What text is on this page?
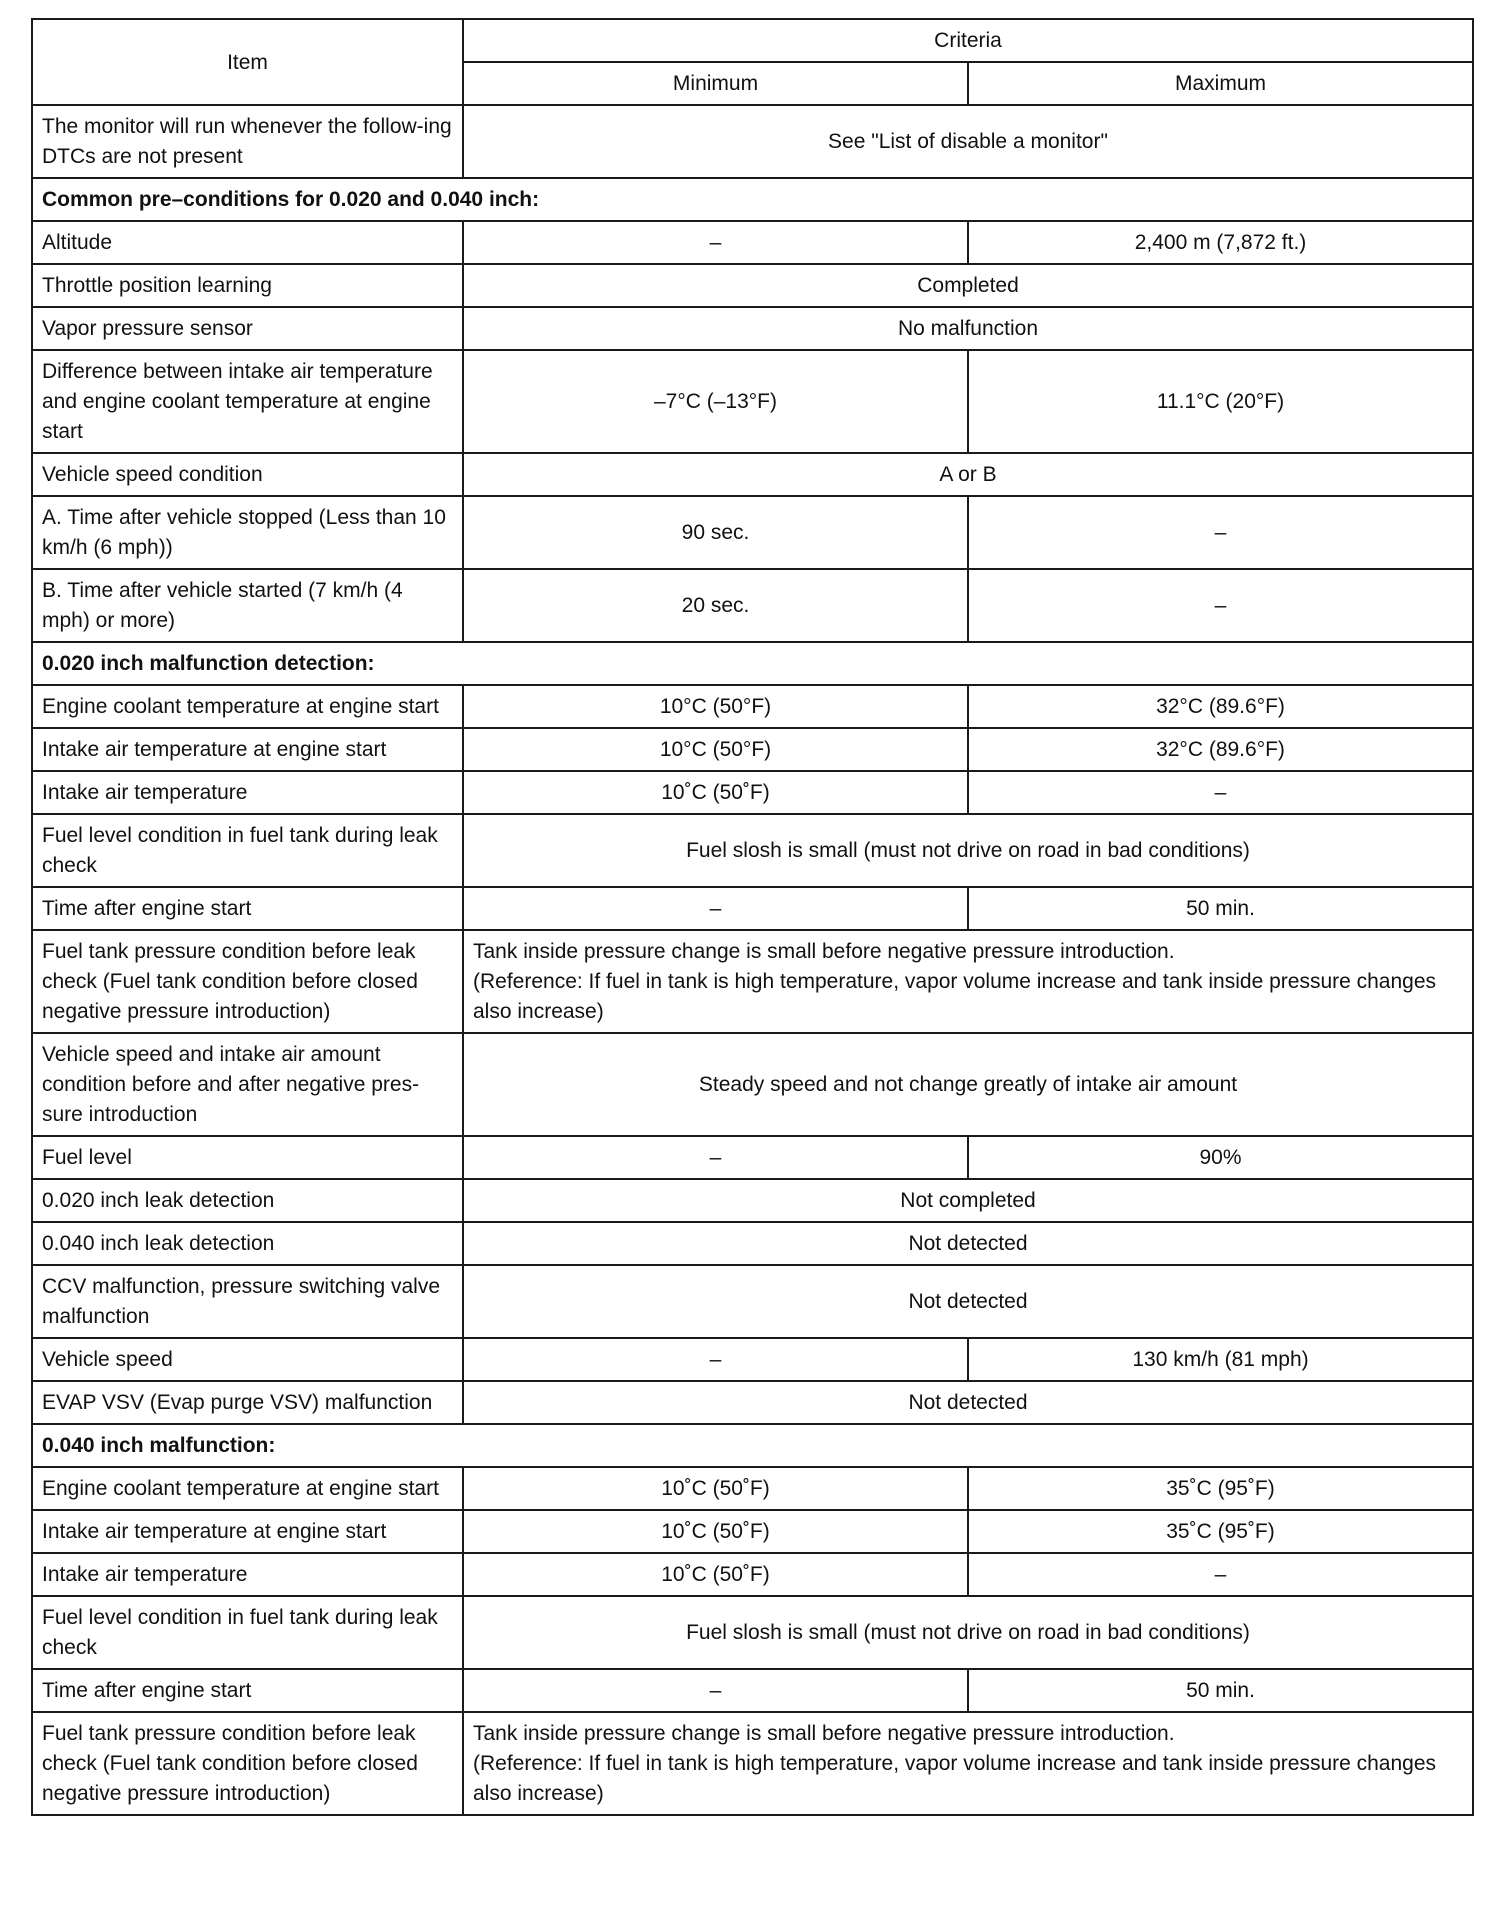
Item	Criteria	
	Minimum	Maximum
The monitor will run whenever the follow-ing DTCs are not present	See "List of disable a monitor"	
Common pre–conditions for 0.020 and 0.040 inch:		
Altitude	–	2,400 m (7,872 ft.)
Throttle position learning	Completed	
Vapor pressure sensor	No malfunction	
Difference between intake air temperature and engine coolant temperature at engine start	–7°C (–13°F)	11.1°C (20°F)
Vehicle speed condition	A or B	
A. Time after vehicle stopped (Less than 10 km/h (6 mph))	90 sec.	–
B. Time after vehicle started (7 km/h (4 mph) or more)	20 sec.	–
0.020 inch malfunction detection:		
Engine coolant temperature at engine start	10°C (50°F)	32°C (89.6°F)
Intake air temperature at engine start	10°C (50°F)	32°C (89.6°F)
Intake air temperature	10˚C (50˚F)	–
Fuel level condition in fuel tank during leak check	Fuel slosh is small (must not drive on road in bad conditions)	
Time after engine start	–	50 min.
Fuel tank pressure condition before leak check (Fuel tank condition before closed negative pressure introduction)	Tank inside pressure change is small before negative pressure introduction.
(Reference: If fuel in tank is high temperature, vapor volume increase and tank inside pressure changes also increase)	
Vehicle speed and intake air amount condition before and after negative pres-sure introduction	Steady speed and not change greatly of intake air amount	
Fuel level	–	90%
0.020 inch leak detection	Not completed	
0.040 inch leak detection	Not detected	
CCV malfunction, pressure switching valve malfunction	Not detected	
Vehicle speed	–	130 km/h (81 mph)
EVAP VSV (Evap purge VSV) malfunction	Not detected	
0.040 inch malfunction:		
Engine coolant temperature at engine start	10˚C (50˚F)	35˚C (95˚F)
Intake air temperature at engine start	10˚C (50˚F)	35˚C (95˚F)
Intake air temperature	10˚C (50˚F)	–
Fuel level condition in fuel tank during leak check	Fuel slosh is small (must not drive on road in bad conditions)	
Time after engine start	–	50 min.
Fuel tank pressure condition before leak check (Fuel tank condition before closed negative pressure introduction)	Tank inside pressure change is small before negative pressure introduction.
(Reference: If fuel in tank is high temperature, vapor volume increase and tank inside pressure changes also increase)	
